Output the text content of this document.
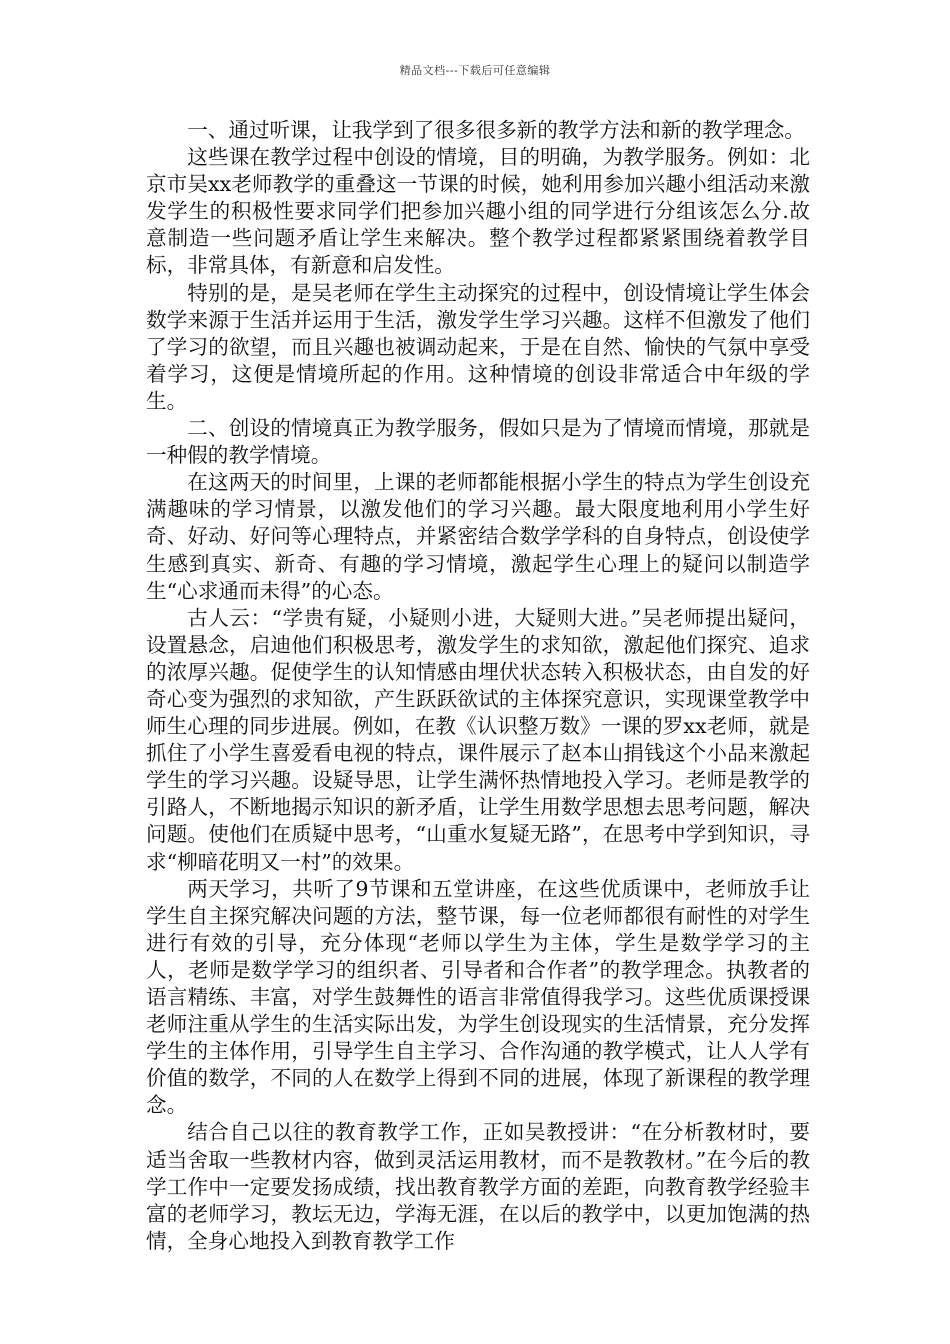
精品文档---下载后可任意编辑

一、通过听课，让我学到了很多很多新的教学方法和新的教学理念。

这些课在教学过程中创设的情境，目的明确，为教学服务。例如：北京市吴xx老师教学的重叠这一节课的时候，她利用参加兴趣小组活动来激发学生的积极性要求同学们把参加兴趣小组的同学进行分组该怎么分.故意制造一些问题矛盾让学生来解决。整个教学过程都紧紧围绕着教学目标，非常具体，有新意和启发性。

特别的是，是吴老师在学生主动探究的过程中，创设情境让学生体会数学来源于生活并运用于生活，激发学生学习兴趣。这样不但激发了他们了学习的欲望，而且兴趣也被调动起来，于是在自然、愉快的气氛中享受着学习，这便是情境所起的作用。这种情境的创设非常适合中年级的学生。

二、创设的情境真正为教学服务，假如只是为了情境而情境，那就是一种假的教学情境。

在这两天的时间里，上课的老师都能根据小学生的特点为学生创设充满趣味的学习情景，以激发他们的学习兴趣。最大限度地利用小学生好奇、好动、好问等心理特点，并紧密结合数学学科的自身特点，创设使学生感到真实、新奇、有趣的学习情境，激起学生心理上的疑问以制造学生“心求通而未得”的心态。

古人云：“学贵有疑，小疑则小进，大疑则大进。”吴老师提出疑问，设置悬念，启迪他们积极思考，激发学生的求知欲，激起他们探究、追求的浓厚兴趣。促使学生的认知情感由埋伏状态转入积极状态，由自发的好奇心变为强烈的求知欲，产生跃跃欲试的主体探究意识，实现课堂教学中师生心理的同步进展。例如，在教《认识整万数》一课的罗xx老师，就是抓住了小学生喜爱看电视的特点，课件展示了赵本山捐钱这个小品来激起学生的学习兴趣。设疑导思，让学生满怀热情地投入学习。老师是教学的引路人，不断地揭示知识的新矛盾，让学生用数学思想去思考问题，解决问题。使他们在质疑中思考，“山重水复疑无路”，在思考中学到知识，寻求“柳暗花明又一村”的效果。

两天学习，共听了9节课和五堂讲座，在这些优质课中，老师放手让学生自主探究解决问题的方法，整节课，每一位老师都很有耐性的对学生进行有效的引导，充分体现“老师以学生为主体，学生是数学学习的主人，老师是数学学习的组织者、引导者和合作者”的教学理念。执教者的语言精练、丰富，对学生鼓舞性的语言非常值得我学习。这些优质课授课老师注重从学生的生活实际出发，为学生创设现实的生活情景，充分发挥学生的主体作用，引导学生自主学习、合作沟通的教学模式，让人人学有价值的数学，不同的人在数学上得到不同的进展，体现了新课程的教学理念。

结合自己以往的教育教学工作，正如吴教授讲：“在分析教材时，要适当舍取一些教材内容，做到灵活运用教材，而不是教教材。”在今后的教学工作中一定要发扬成绩，找出教育教学方面的差距，向教育教学经验丰富的老师学习，教坛无边，学海无涯，在以后的教学中，以更加饱满的热情，全身心地投入到教育教学工作
